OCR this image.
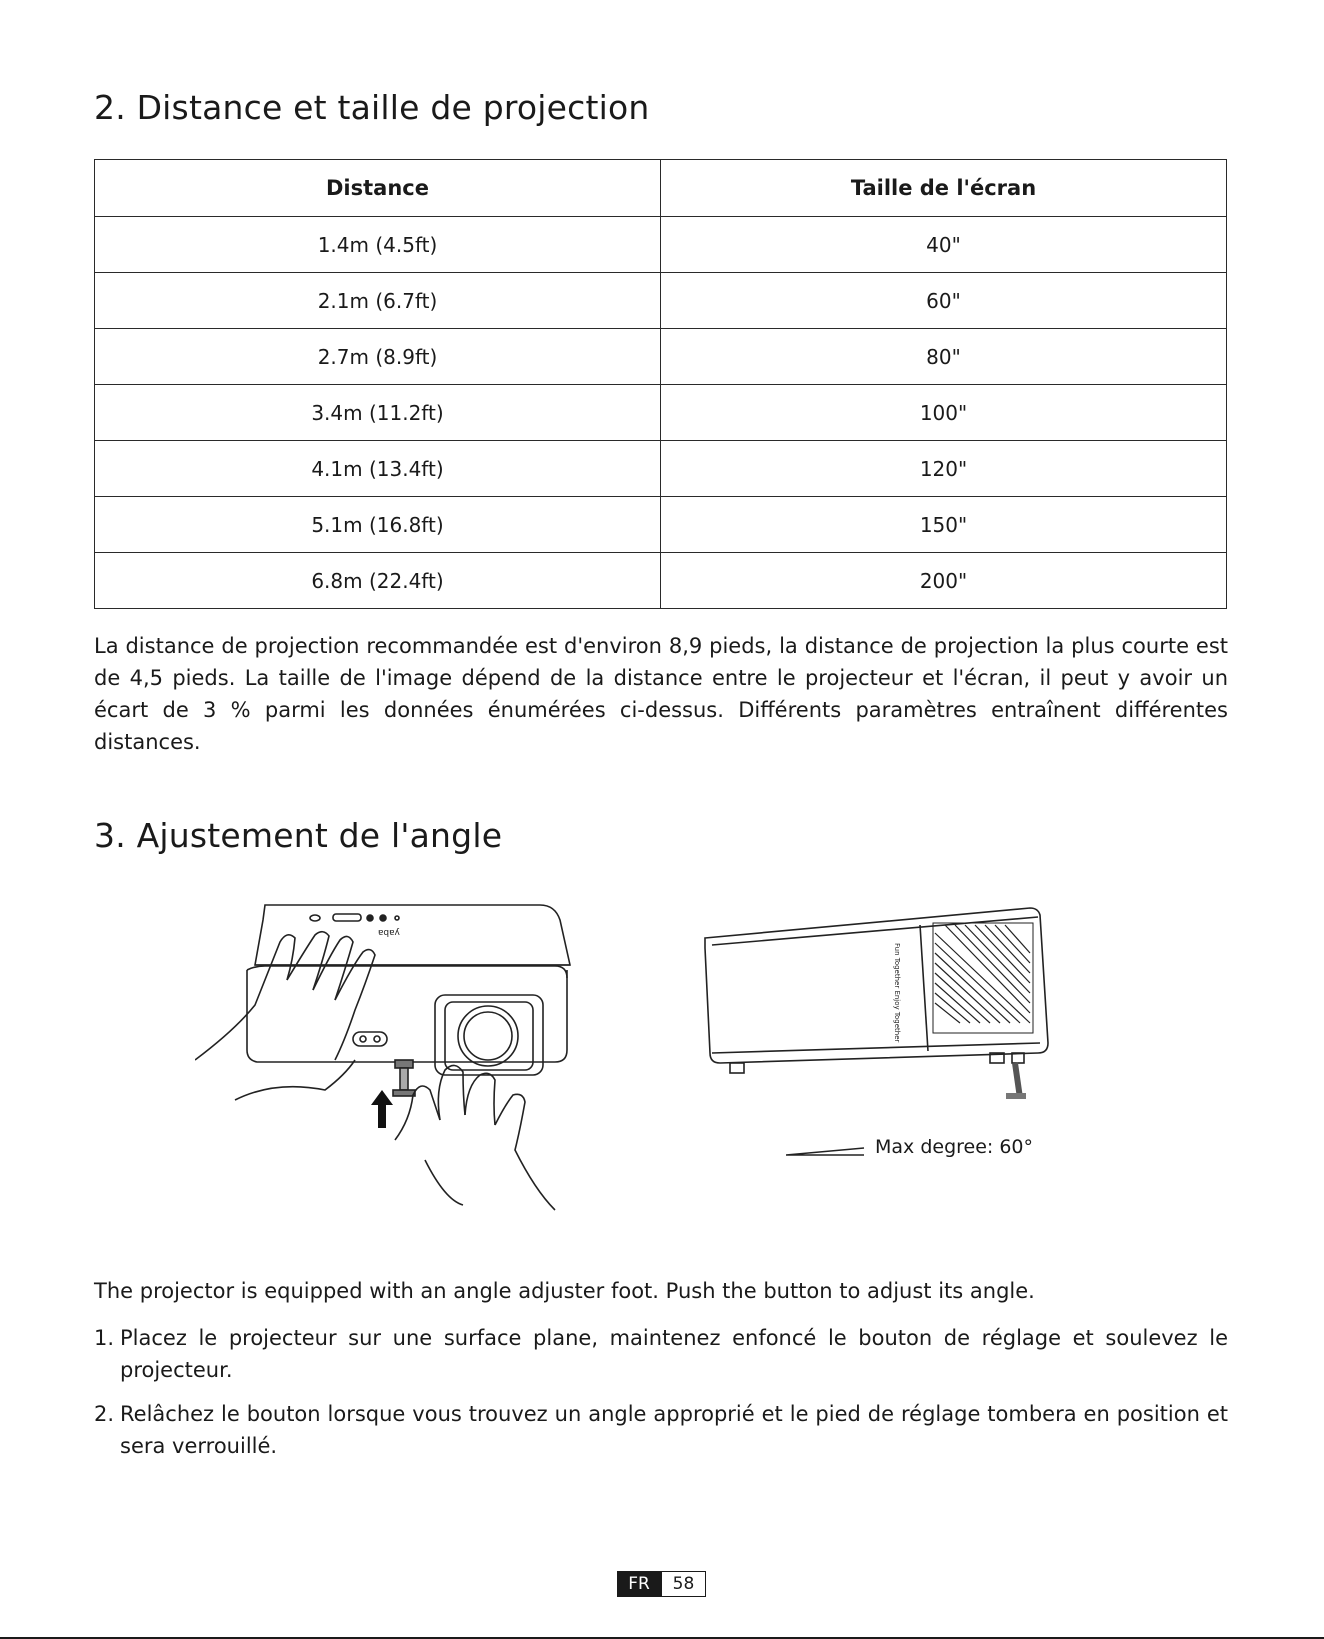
2. Distance et taille de projection
Distance	Taille de l'écran
1.4m (4.5ft)	40"
2.1m (6.7ft)	60"
2.7m (8.9ft)	80"
3.4m (11.2ft)	100"
4.1m (13.4ft)	120"
5.1m (16.8ft)	150"
6.8m (22.4ft)	200"

La distance de projection recommandée est d'environ 8,9 pieds, la distance de projection la plus courte est de 4,5 pieds. La taille de l'image dépend de la distance entre le projecteur et l'écran, il peut y avoir un écart de 3 % parmi les données énumérées ci-dessus. Différents paramètres entraînent différentes distances.

3. Ajustement de l'angle
ɐqɐʎ
Fun Together Enjoy Together
Max degree: 60°

The projector is equipped with an angle adjuster foot. Push the button to adjust its angle.

1. Placez le projecteur sur une surface plane, maintenez enfoncé le bouton de réglage et soulevez le projecteur.
2. Relâchez le bouton lorsque vous trouvez un angle approprié et le pied de réglage tombera en position et sera verrouillé.
FR	58
